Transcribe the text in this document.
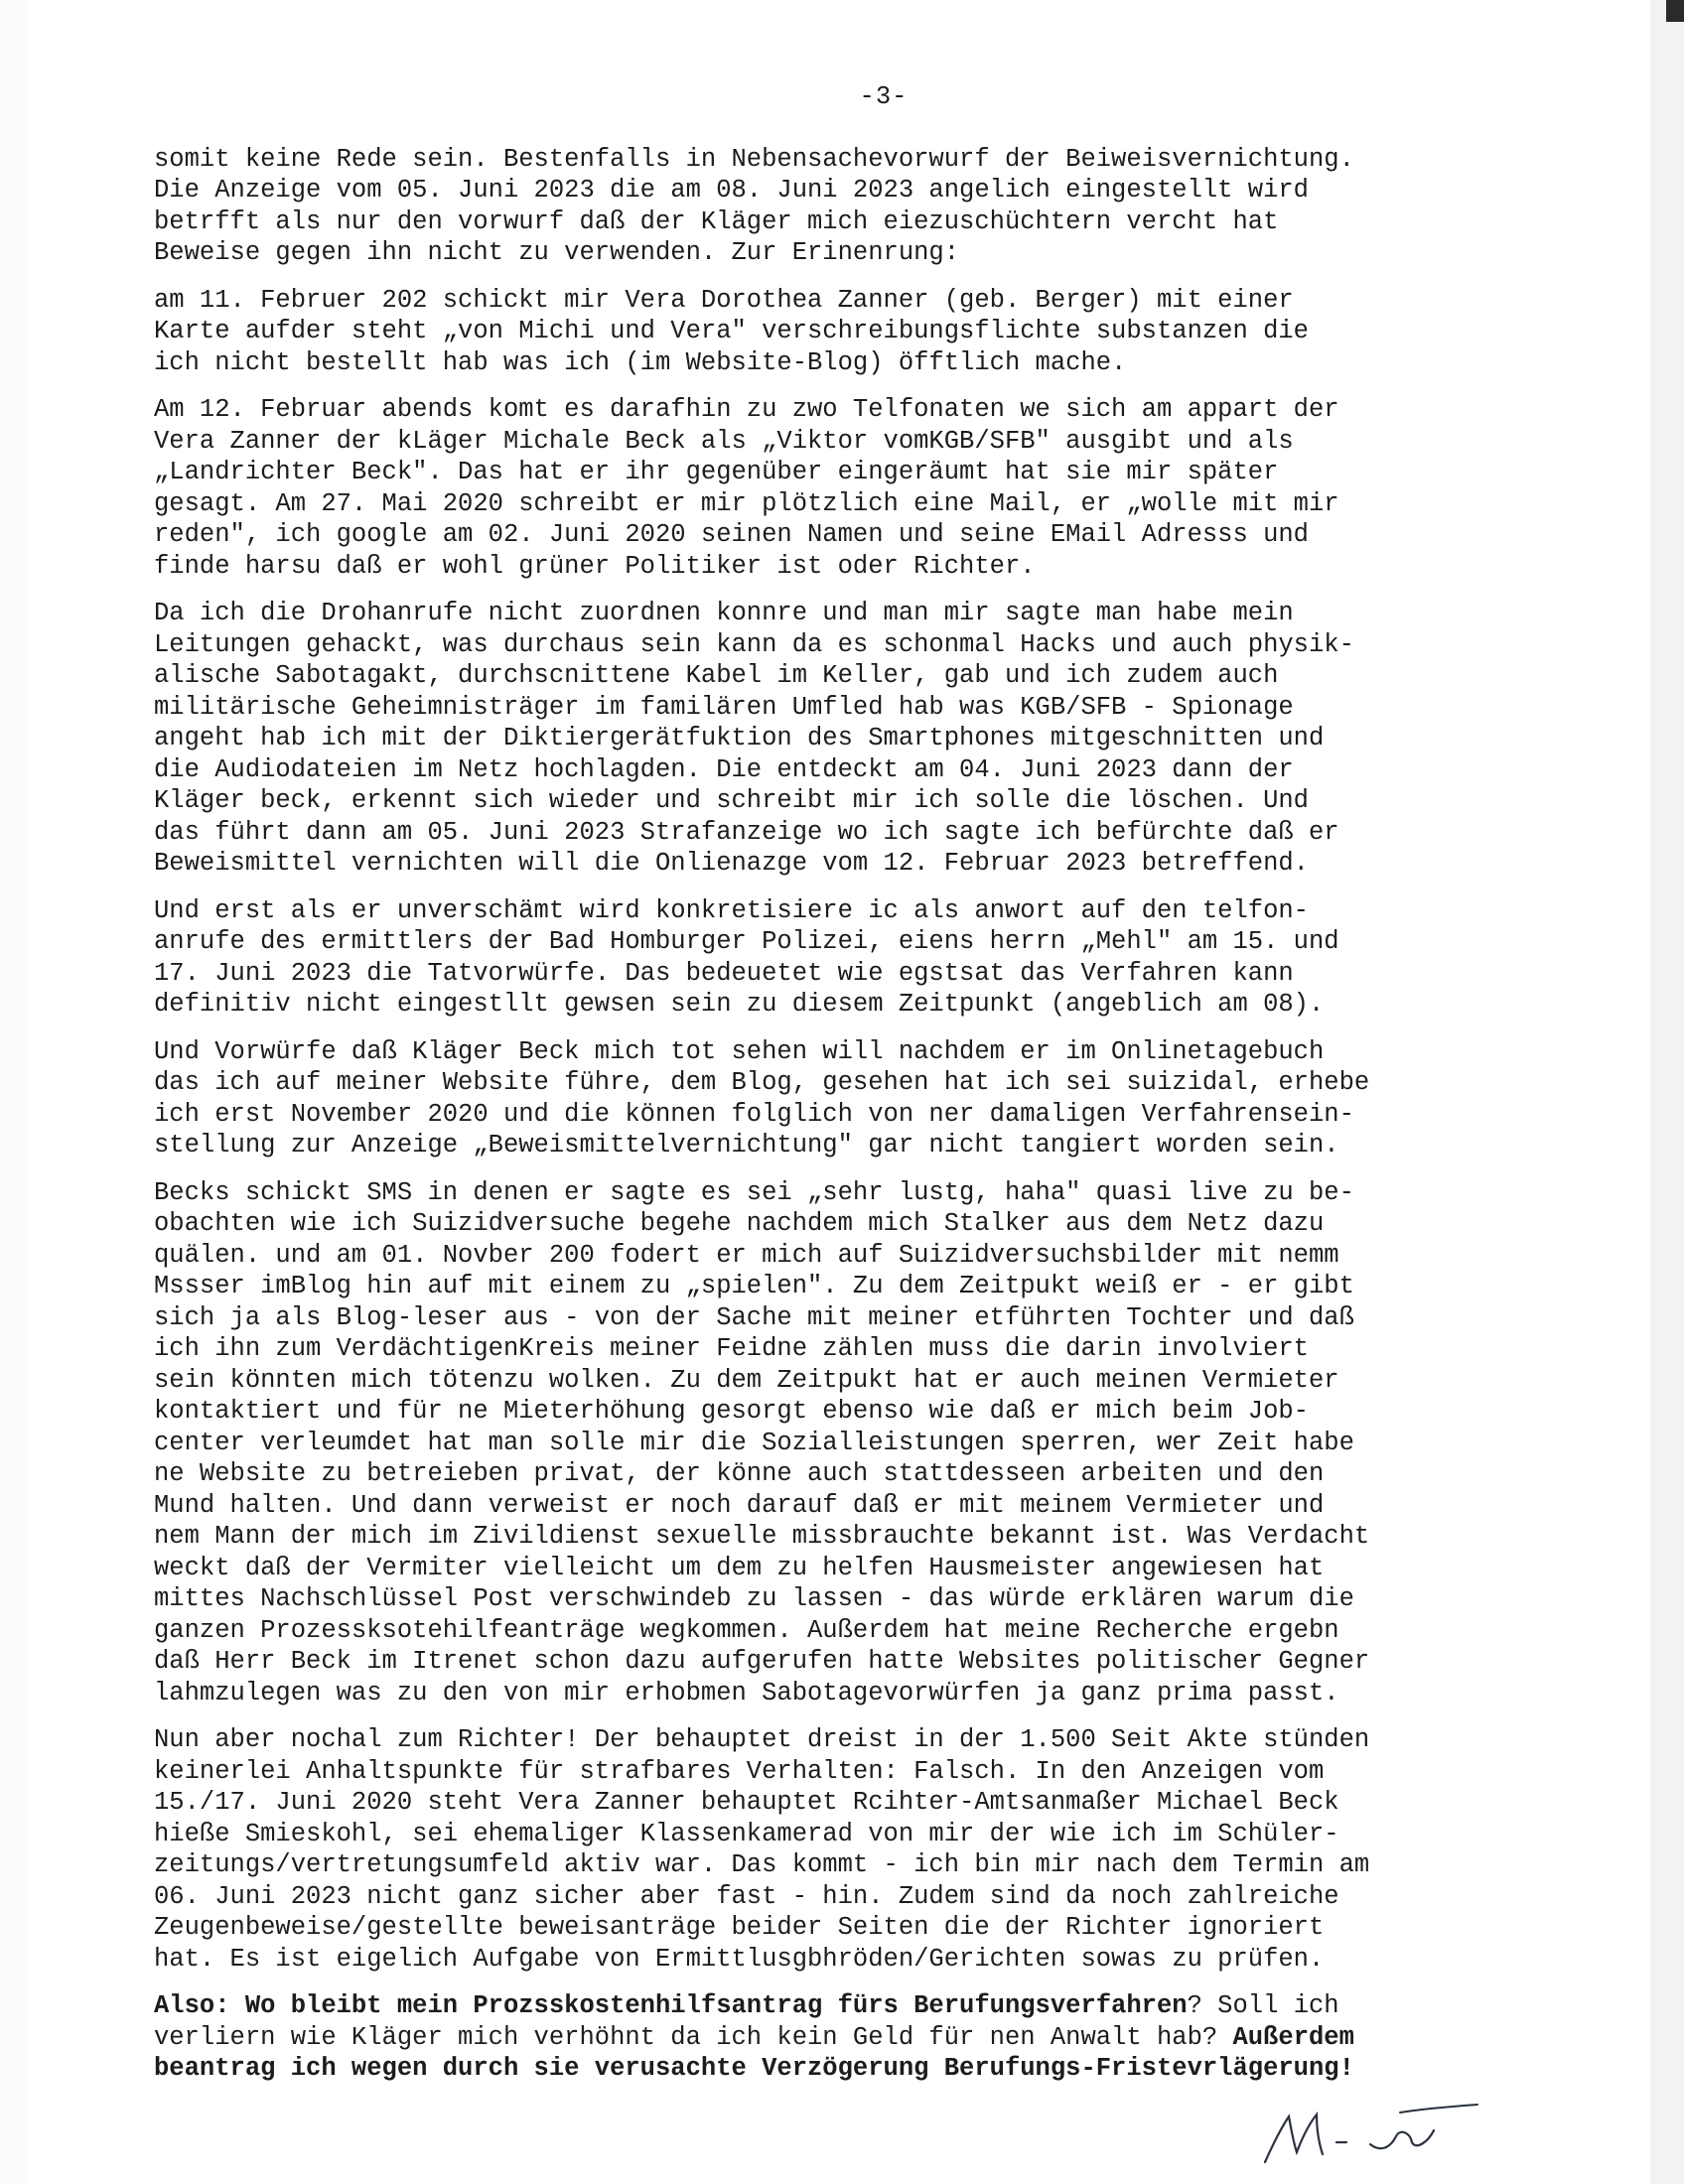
-3-
somit keine Rede sein. Bestenfalls in Nebensachevorwurf der Beiweisvernichtung.
Die Anzeige vom 05. Juni 2023 die am 08. Juni 2023 angelich eingestellt wird
betrfft als nur den vorwurf daß der Kläger mich eiezuschüchtern vercht hat
Beweise gegen ihn nicht zu verwenden. Zur Erinenrung:
am 11. Februer 202 schickt mir Vera Dorothea Zanner (geb. Berger) mit einer
Karte aufder steht „von Michi und Vera" verschreibungsflichte substanzen die
ich nicht bestellt hab was ich (im Website-Blog) öfftlich mache.
Am 12. Februar abends komt es darafhin zu zwo Telfonaten we sich am appart der
Vera Zanner der kLäger Michale Beck als „Viktor vomKGB/SFB" ausgibt und als
„Landrichter Beck". Das hat er ihr gegenüber eingeräumt hat sie mir später
gesagt. Am 27. Mai 2020 schreibt er mir plötzlich eine Mail, er „wolle mit mir
reden", ich google am 02. Juni 2020 seinen Namen und seine EMail Adresss und
finde harsu daß er wohl grüner Politiker ist oder Richter.
Da ich die Drohanrufe nicht zuordnen konnre und man mir sagte man habe mein
Leitungen gehackt, was durchaus sein kann da es schonmal Hacks und auch physik-
alische Sabotagakt, durchscnittene Kabel im Keller, gab und ich zudem auch
militärische Geheimnisträger im familären Umfled hab was KGB/SFB - Spionage
angeht hab ich mit der Diktiergerätfuktion des Smartphones mitgeschnitten und
die Audiodateien im Netz hochlagden. Die entdeckt am 04. Juni 2023 dann der
Kläger beck, erkennt sich wieder und schreibt mir ich solle die löschen. Und
das führt dann am 05. Juni 2023 Strafanzeige wo ich sagte ich befürchte daß er
Beweismittel vernichten will die Onlienazge vom 12. Februar 2023 betreffend.
Und erst als er unverschämt wird konkretisiere ic als anwort auf den telfon-
anrufe des ermittlers der Bad Homburger Polizei, eiens herrn „Mehl" am 15. und
17. Juni 2023 die Tatvorwürfe. Das bedeuetet wie egstsat das Verfahren kann
definitiv nicht eingestllt gewsen sein zu diesem Zeitpunkt (angeblich am 08).
Und Vorwürfe daß Kläger Beck mich tot sehen will nachdem er im Onlinetagebuch
das ich auf meiner Website führe, dem Blog, gesehen hat ich sei suizidal, erhebe
ich erst November 2020 und die können folglich von ner damaligen Verfahrensein-
stellung zur Anzeige „Beweismittelvernichtung" gar nicht tangiert worden sein.
Becks schickt SMS in denen er sagte es sei „sehr lustg, haha" quasi live zu be-
obachten wie ich Suizidversuche begehe nachdem mich Stalker aus dem Netz dazu
quälen. und am 01. Novber 200 fodert er mich auf Suizidversuchsbilder mit nemm
Mssser imBlog hin auf mit einem zu „spielen". Zu dem Zeitpukt weiß er - er gibt
sich ja als Blog-leser aus - von der Sache mit meiner etführten Tochter und daß
ich ihn zum VerdächtigenKreis meiner Feidne zählen muss die darin involviert
sein könnten mich tötenzu wolken. Zu dem Zeitpukt hat er auch meinen Vermieter
kontaktiert und für ne Mieterhöhung gesorgt ebenso wie daß er mich beim Job-
center verleumdet hat man solle mir die Sozialleistungen sperren, wer Zeit habe
ne Website zu betreieben privat, der könne auch stattdesseen arbeiten und den
Mund halten. Und dann verweist er noch darauf daß er mit meinem Vermieter und
nem Mann der mich im Zivildienst sexuelle missbrauchte bekannt ist. Was Verdacht
weckt daß der Vermiter vielleicht um dem zu helfen Hausmeister angewiesen hat
mittes Nachschlüssel Post verschwindeb zu lassen - das würde erklären warum die
ganzen Prozessksotehilfeanträge wegkommen. Außerdem hat meine Recherche ergebn
daß Herr Beck im Itrenet schon dazu aufgerufen hatte Websites politischer Gegner
lahmzulegen was zu den von mir erhobmen Sabotagevorwürfen ja ganz prima passt.
Nun aber nochal zum Richter! Der behauptet dreist in der 1.500 Seit Akte stünden
keinerlei Anhaltspunkte für strafbares Verhalten: Falsch. In den Anzeigen vom
15./17. Juni 2020 steht Vera Zanner behauptet Rcihter-Amtsanmaßer Michael Beck
hieße Smieskohl, sei ehemaliger Klassenkamerad von mir der wie ich im Schüler-
zeitungs/vertretungsumfeld aktiv war. Das kommt - ich bin mir nach dem Termin am
06. Juni 2023 nicht ganz sicher aber fast - hin. Zudem sind da noch zahlreiche
Zeugenbeweise/gestellte beweisanträge beider Seiten die der Richter ignoriert
hat. Es ist eigelich Aufgabe von Ermittlusgbhröden/Gerichten sowas zu prüfen.
Also: Wo bleibt mein Prozsskostenhilfsantrag fürs Berufungsverfahren? Soll ich
verliern wie Kläger mich verhöhnt da ich kein Geld für nen Anwalt hab? Außerdem
beantrag ich wegen durch sie verusachte Verzögerung Berufungs-Fristevrlägerung!
